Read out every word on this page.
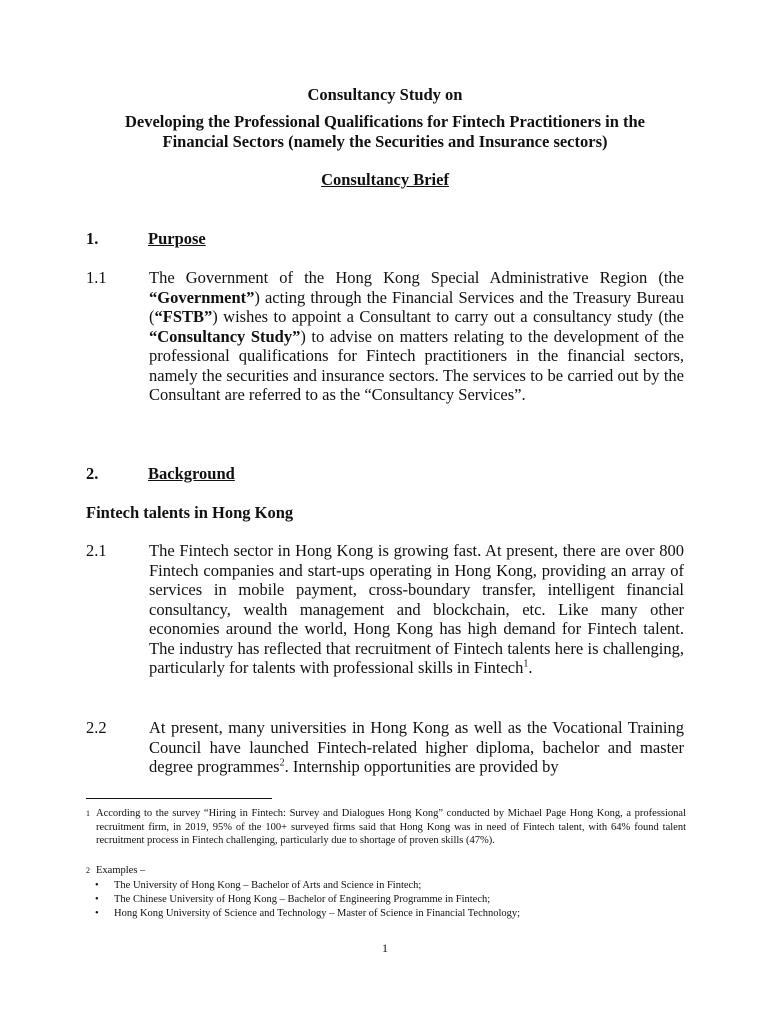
Consultancy Study on
Developing the Professional Qualifications for Fintech Practitioners in the Financial Sectors (namely the Securities and Insurance sectors)
Consultancy Brief
1.	Purpose
1.1	The Government of the Hong Kong Special Administrative Region (the “Government”) acting through the Financial Services and the Treasury Bureau (“FSTB”) wishes to appoint a Consultant to carry out a consultancy study (the “Consultancy Study”) to advise on matters relating to the development of the professional qualifications for Fintech practitioners in the financial sectors, namely the securities and insurance sectors. The services to be carried out by the Consultant are referred to as the “Consultancy Services”.
2.	Background
Fintech talents in Hong Kong
2.1	The Fintech sector in Hong Kong is growing fast. At present, there are over 800 Fintech companies and start-ups operating in Hong Kong, providing an array of services in mobile payment, cross-boundary transfer, intelligent financial consultancy, wealth management and blockchain, etc. Like many other economies around the world, Hong Kong has high demand for Fintech talent. The industry has reflected that recruitment of Fintech talents here is challenging, particularly for talents with professional skills in Fintech$^1$.
2.2	At present, many universities in Hong Kong as well as the Vocational Training Council have launched Fintech-related higher diploma, bachelor and master degree programmes$^2$. Internship opportunities are provided by
1 According to the survey “Hiring in Fintech: Survey and Dialogues Hong Kong” conducted by Michael Page Hong Kong, a professional recruitment firm, in 2019, 95% of the 100+ surveyed firms said that Hong Kong was in need of Fintech talent, with 64% found talent recruitment process in Fintech challenging, particularly due to shortage of proven skills (47%).
2 Examples –
• The University of Hong Kong – Bachelor of Arts and Science in Fintech;
• The Chinese University of Hong Kong – Bachelor of Engineering Programme in Fintech;
• Hong Kong University of Science and Technology – Master of Science in Financial Technology;
1
